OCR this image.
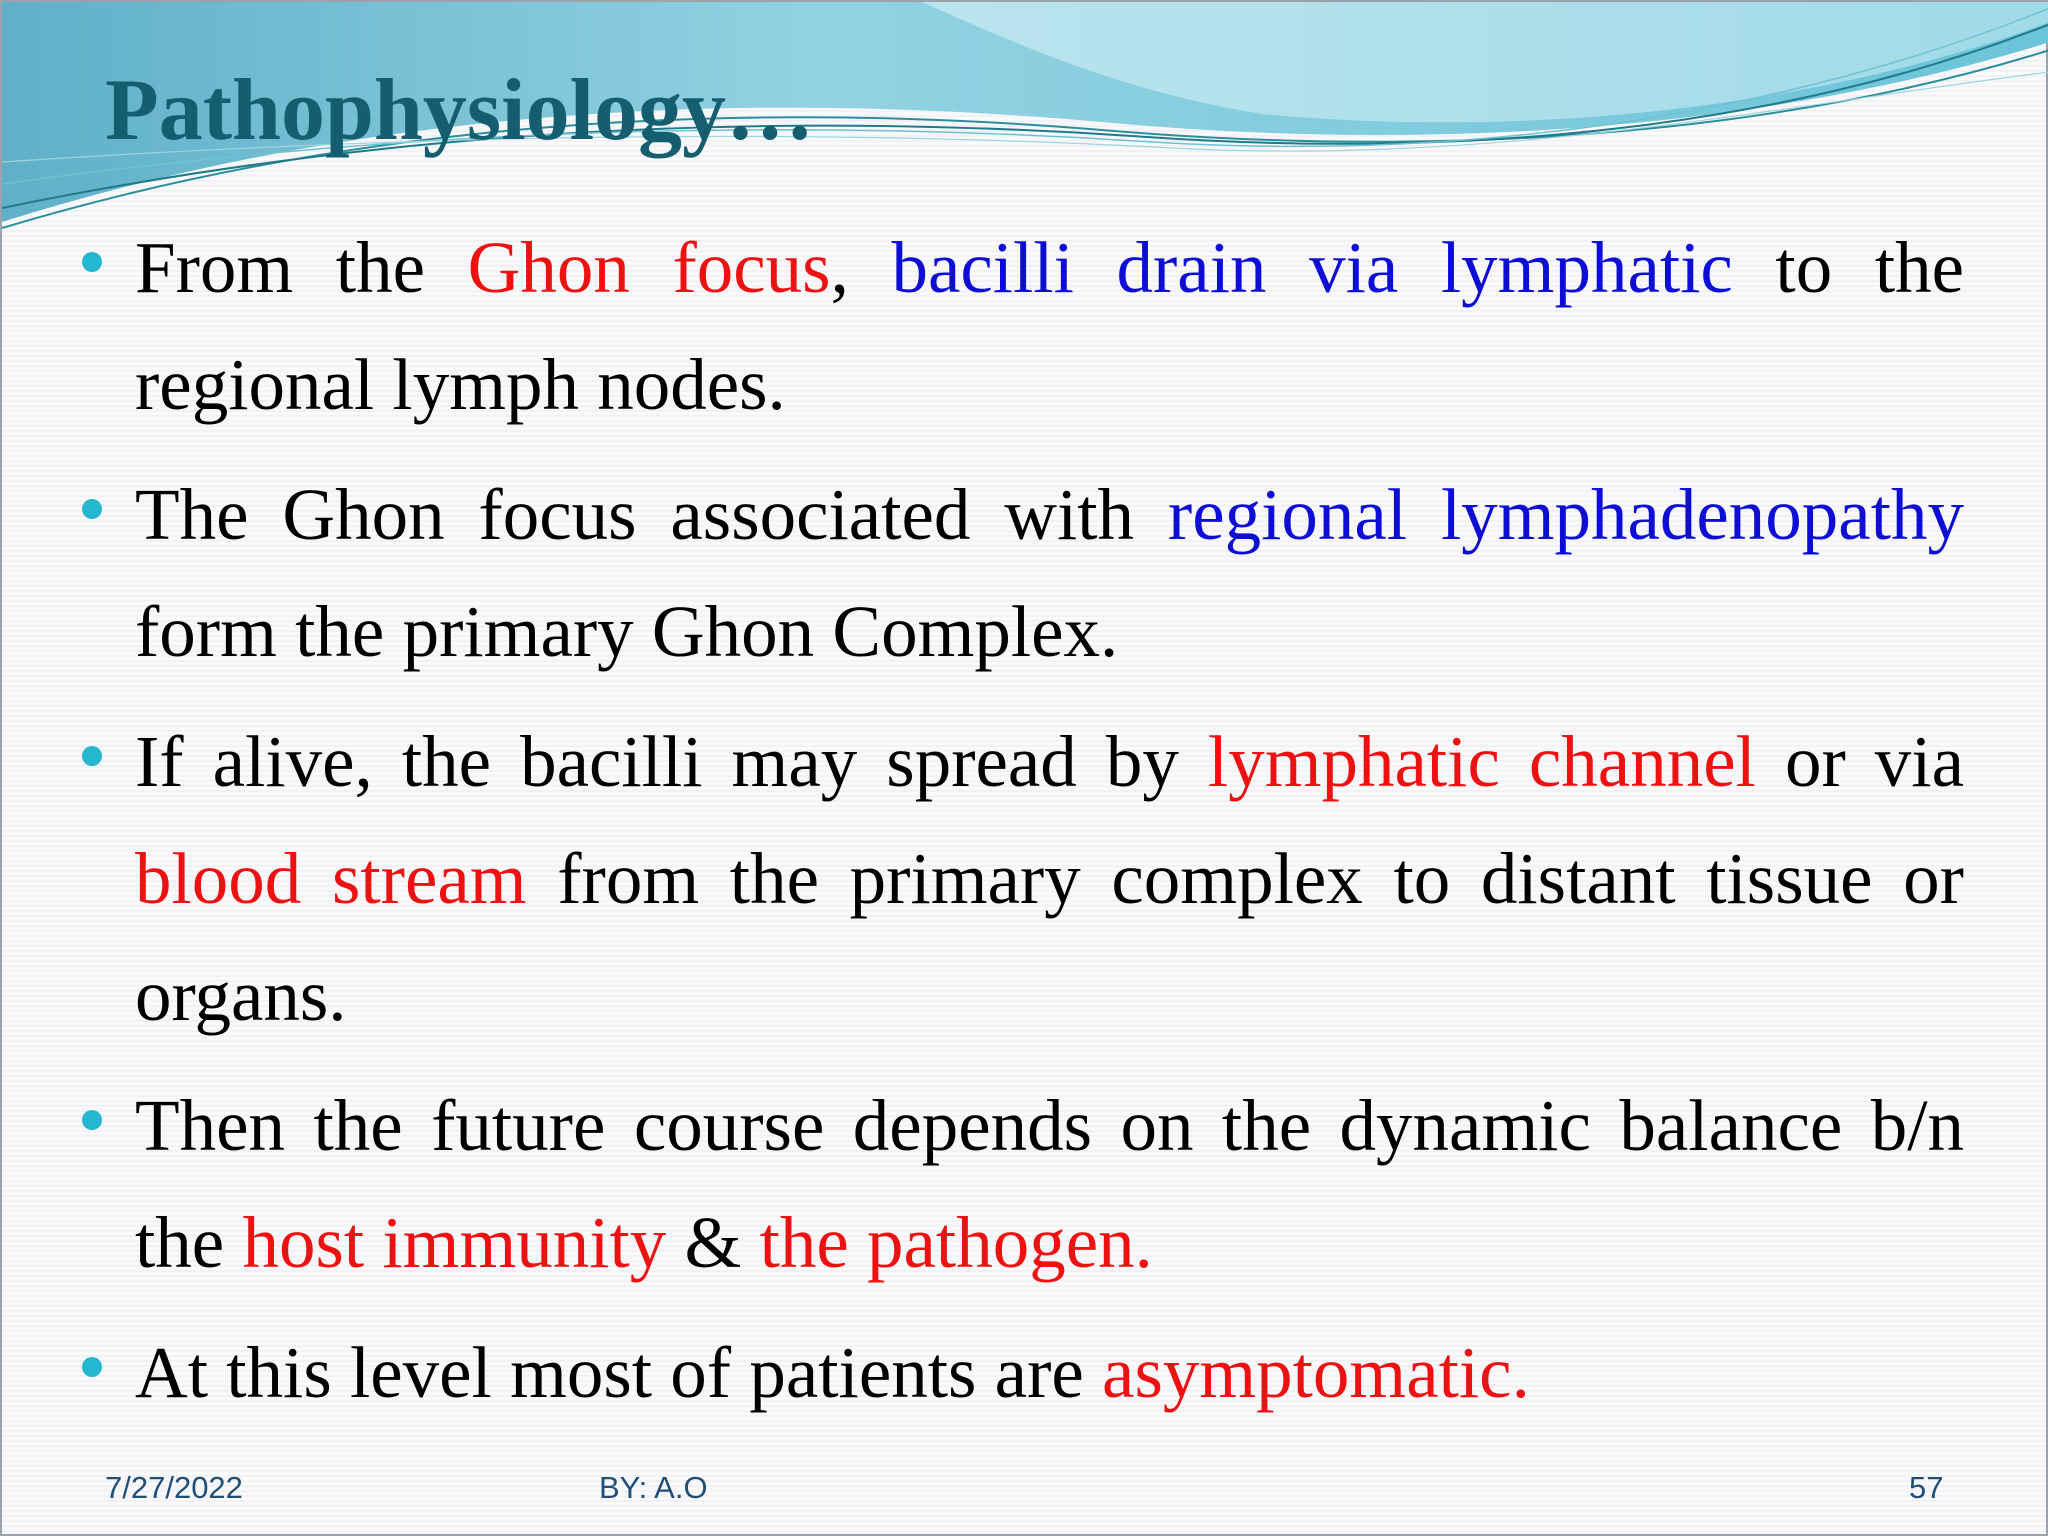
Pathophysiology…
From the Ghon focus, bacilli drain via lymphatic to the regional lymph nodes.
The Ghon focus associated with regional lymphadenopathy form the primary Ghon Complex.
If alive, the bacilli may spread by lymphatic channel or via blood stream from the primary complex to distant tissue or organs.
Then the future course depends on the dynamic balance b/n the host immunity & the pathogen.
At this level most of patients are asymptomatic.
7/27/2022	BY: A.O	57
